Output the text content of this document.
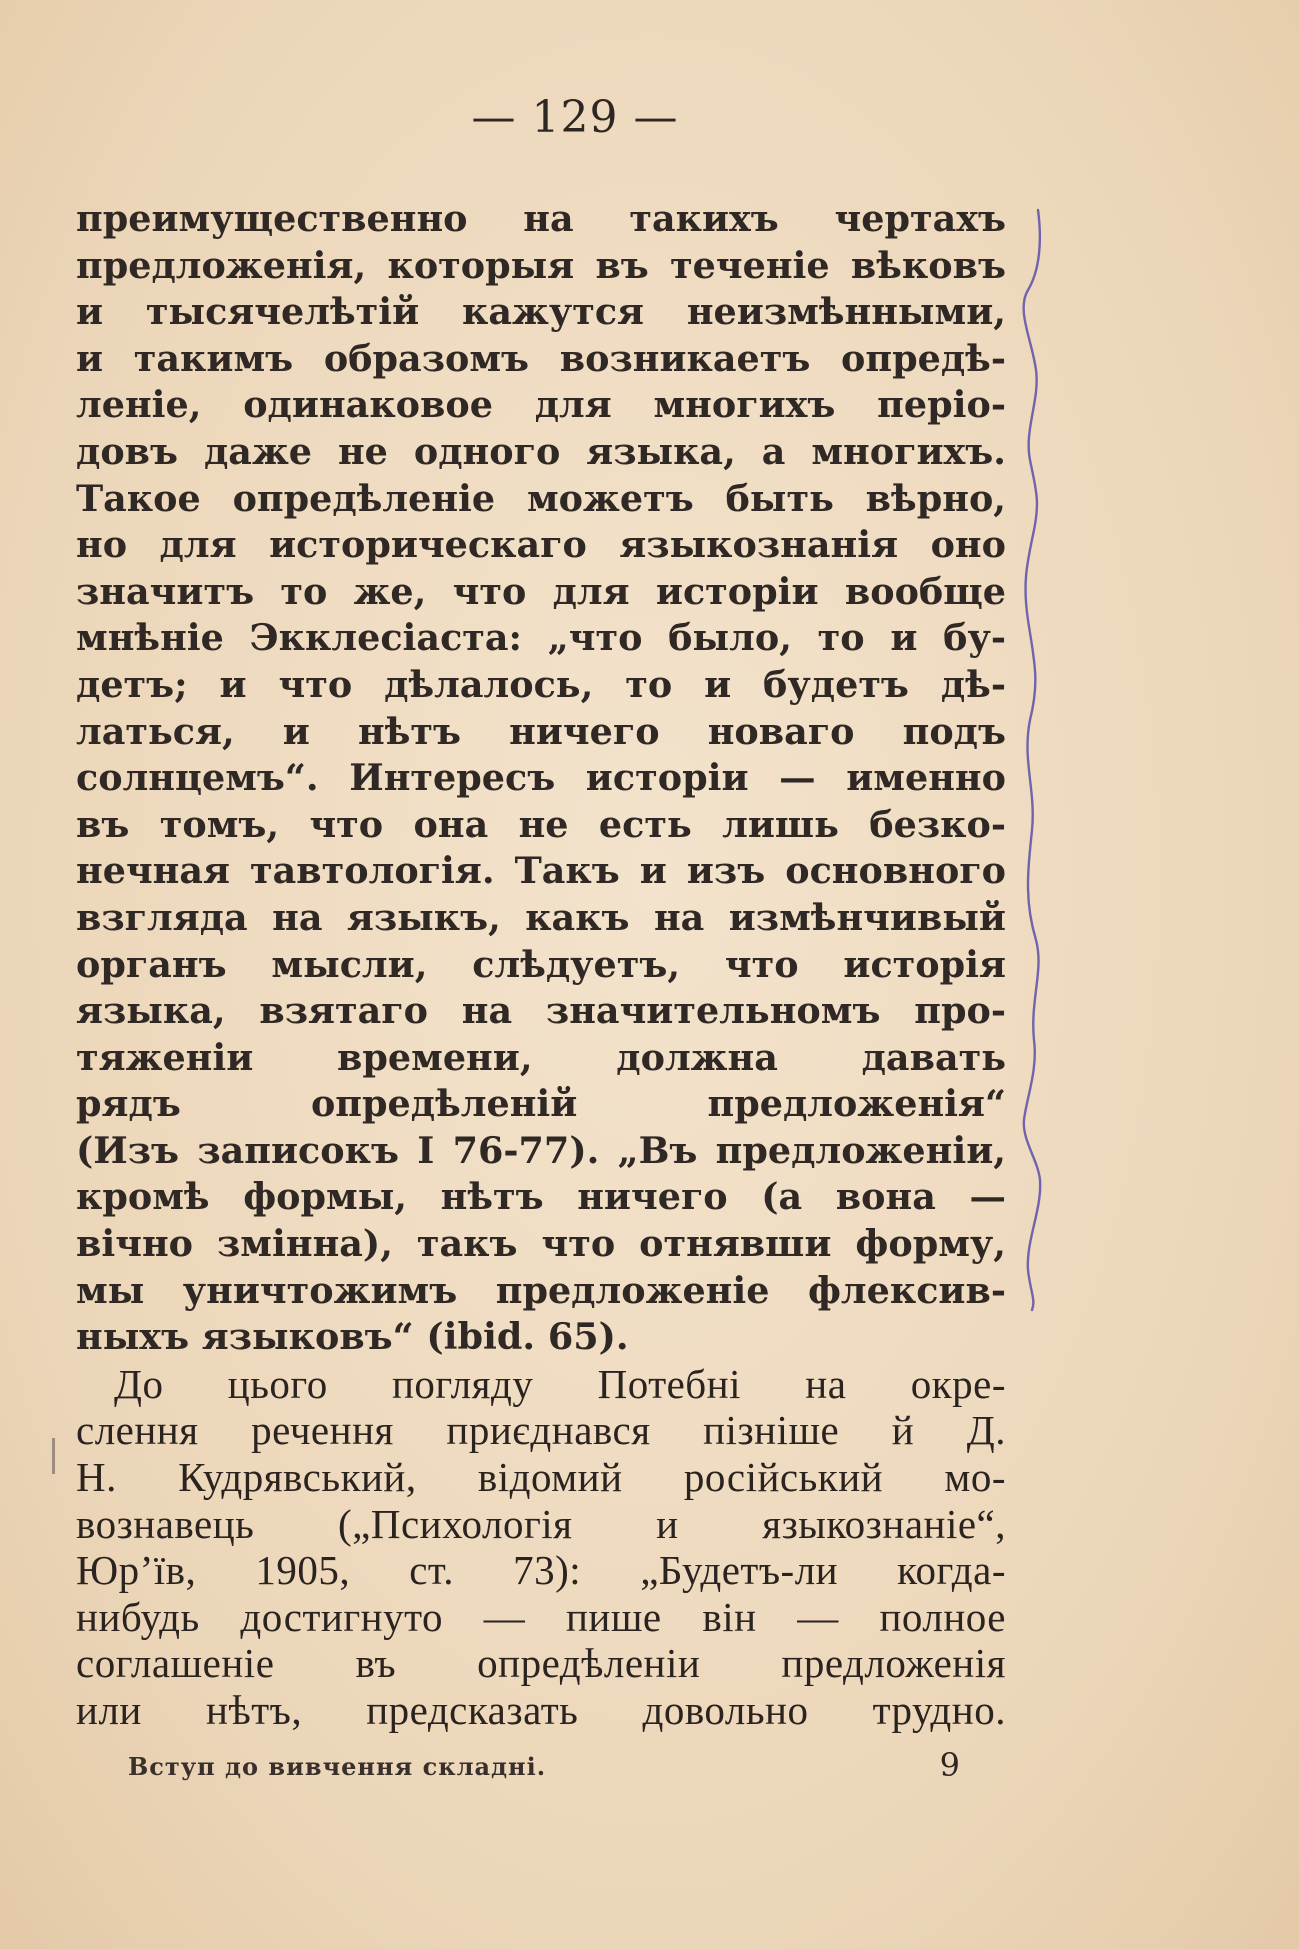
— 129 —
преимущественно на такихъ чертахъ
предложенія, которыя въ теченіе вѣковъ
и тысячелѣтій кажутся неизмѣнными,
и такимъ образомъ возникаетъ опредѣ-
леніе, одинаковое для многихъ періо-
довъ даже не одного языка, а многихъ.
Такое опредѣленіе можетъ быть вѣрно,
но для историческаго языкознанія оно
значитъ то же, что для исторіи вообще
мнѣніе Экклесіаста: „что было, то и бу-
детъ; и что дѣлалось, то и будетъ дѣ-
латься, и нѣтъ ничего новаго подъ
солнцемъ“. Интересъ исторіи — именно
въ томъ, что она не есть лишь безко-
нечная тавтологія. Такъ и изъ основного
взгляда на языкъ, какъ на измѣнчивый
органъ мысли, слѣдуетъ, что исторія
языка, взятаго на значительномъ про-
тяженіи времени, должна давать
рядъ опредѣленій предложенія“
(Изъ записокъ I 76-77). „Въ предложеніи,
кромѣ формы, нѣтъ ничего (а вона —
вічно змінна), такъ что отнявши форму,
мы уничтожимъ предложеніе флексив-
ныхъ языковъ“ (ibid. 65).
До цього погляду Потебні на окре-
слення речення приєднався пізніше й Д.
Н. Кудрявський, відомий російський мо-
вознавець („Психологія и языкознаніе“,
Юр’їв, 1905, ст. 73): „Будетъ-ли когда-
нибудь достигнуто — пише він — полное
соглашеніе въ опредѣленіи предложенія
или нѣтъ, предсказать довольно трудно.
Вступ до вивчення складні.	9
